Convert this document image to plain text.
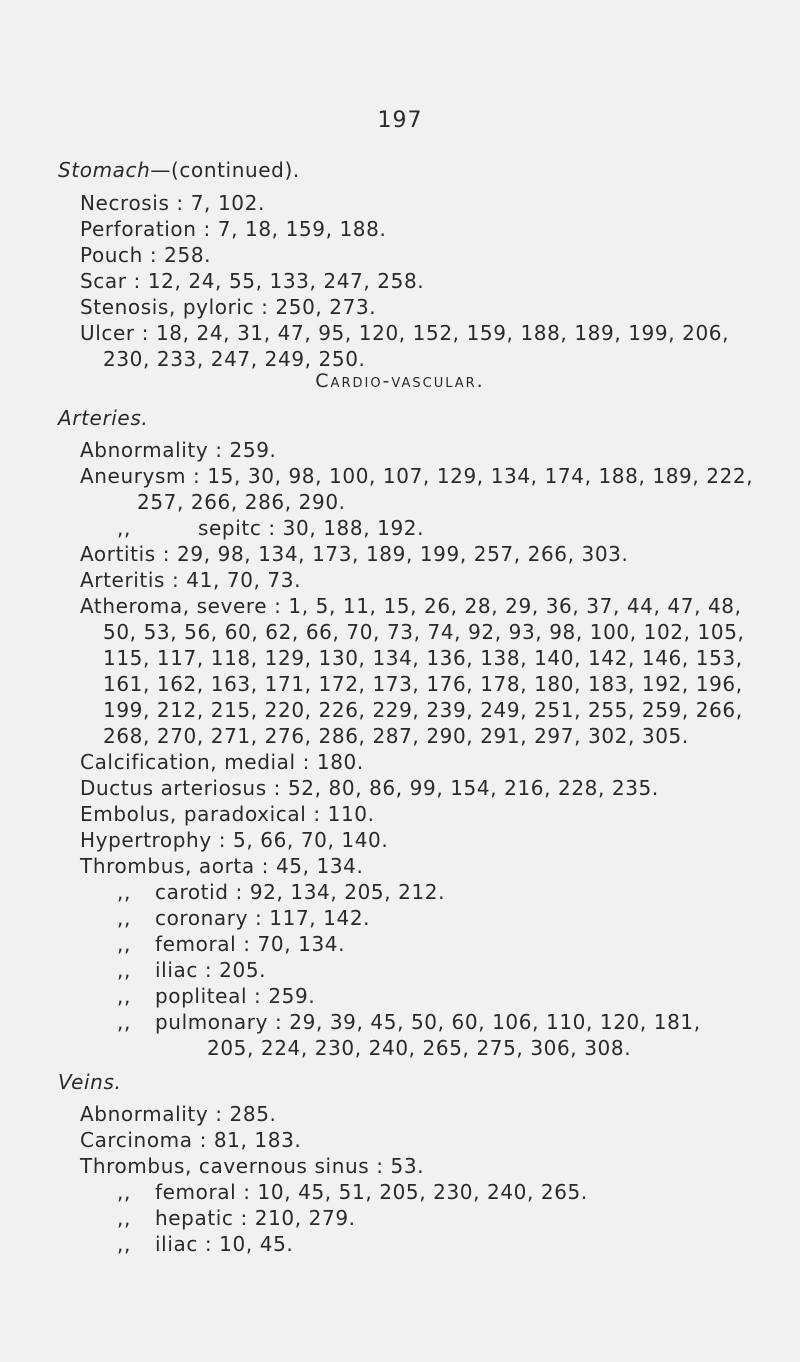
197
Stomach—(continued).
Necrosis : 7, 102.
Perforation : 7, 18, 159, 188.
Pouch : 258.
Scar : 12, 24, 55, 133, 247, 258.
Stenosis, pyloric : 250, 273.
Ulcer : 18, 24, 31, 47, 95, 120, 152, 159, 188, 189, 199, 206,
230, 233, 247, 249, 250.
Cardio-vascular.
Arteries.
Abnormality : 259.
Aneurysm : 15, 30, 98, 100, 107, 129, 134, 174, 188, 189, 222,
257, 266, 286, 290.
,,	sepitc : 30, 188, 192.
Aortitis : 29, 98, 134, 173, 189, 199, 257, 266, 303.
Arteritis : 41, 70, 73.
Atheroma, severe : 1, 5, 11, 15, 26, 28, 29, 36, 37, 44, 47, 48,
50, 53, 56, 60, 62, 66, 70, 73, 74, 92, 93, 98, 100, 102, 105,
115, 117, 118, 129, 130, 134, 136, 138, 140, 142, 146, 153,
161, 162, 163, 171, 172, 173, 176, 178, 180, 183, 192, 196,
199, 212, 215, 220, 226, 229, 239, 249, 251, 255, 259, 266,
268, 270, 271, 276, 286, 287, 290, 291, 297, 302, 305.
Calcification, medial : 180.
Ductus arteriosus : 52, 80, 86, 99, 154, 216, 228, 235.
Embolus, paradoxical : 110.
Hypertrophy : 5, 66, 70, 140.
Thrombus, aorta : 45, 134.
,, carotid : 92, 134, 205, 212.
,, coronary : 117, 142.
,, femoral : 70, 134.
,, iliac : 205.
,, popliteal : 259.
,, pulmonary : 29, 39, 45, 50, 60, 106, 110, 120, 181,
205, 224, 230, 240, 265, 275, 306, 308.
Veins.
Abnormality : 285.
Carcinoma : 81, 183.
Thrombus, cavernous sinus : 53.
,, femoral : 10, 45, 51, 205, 230, 240, 265.
,, hepatic : 210, 279.
,, iliac : 10, 45.
